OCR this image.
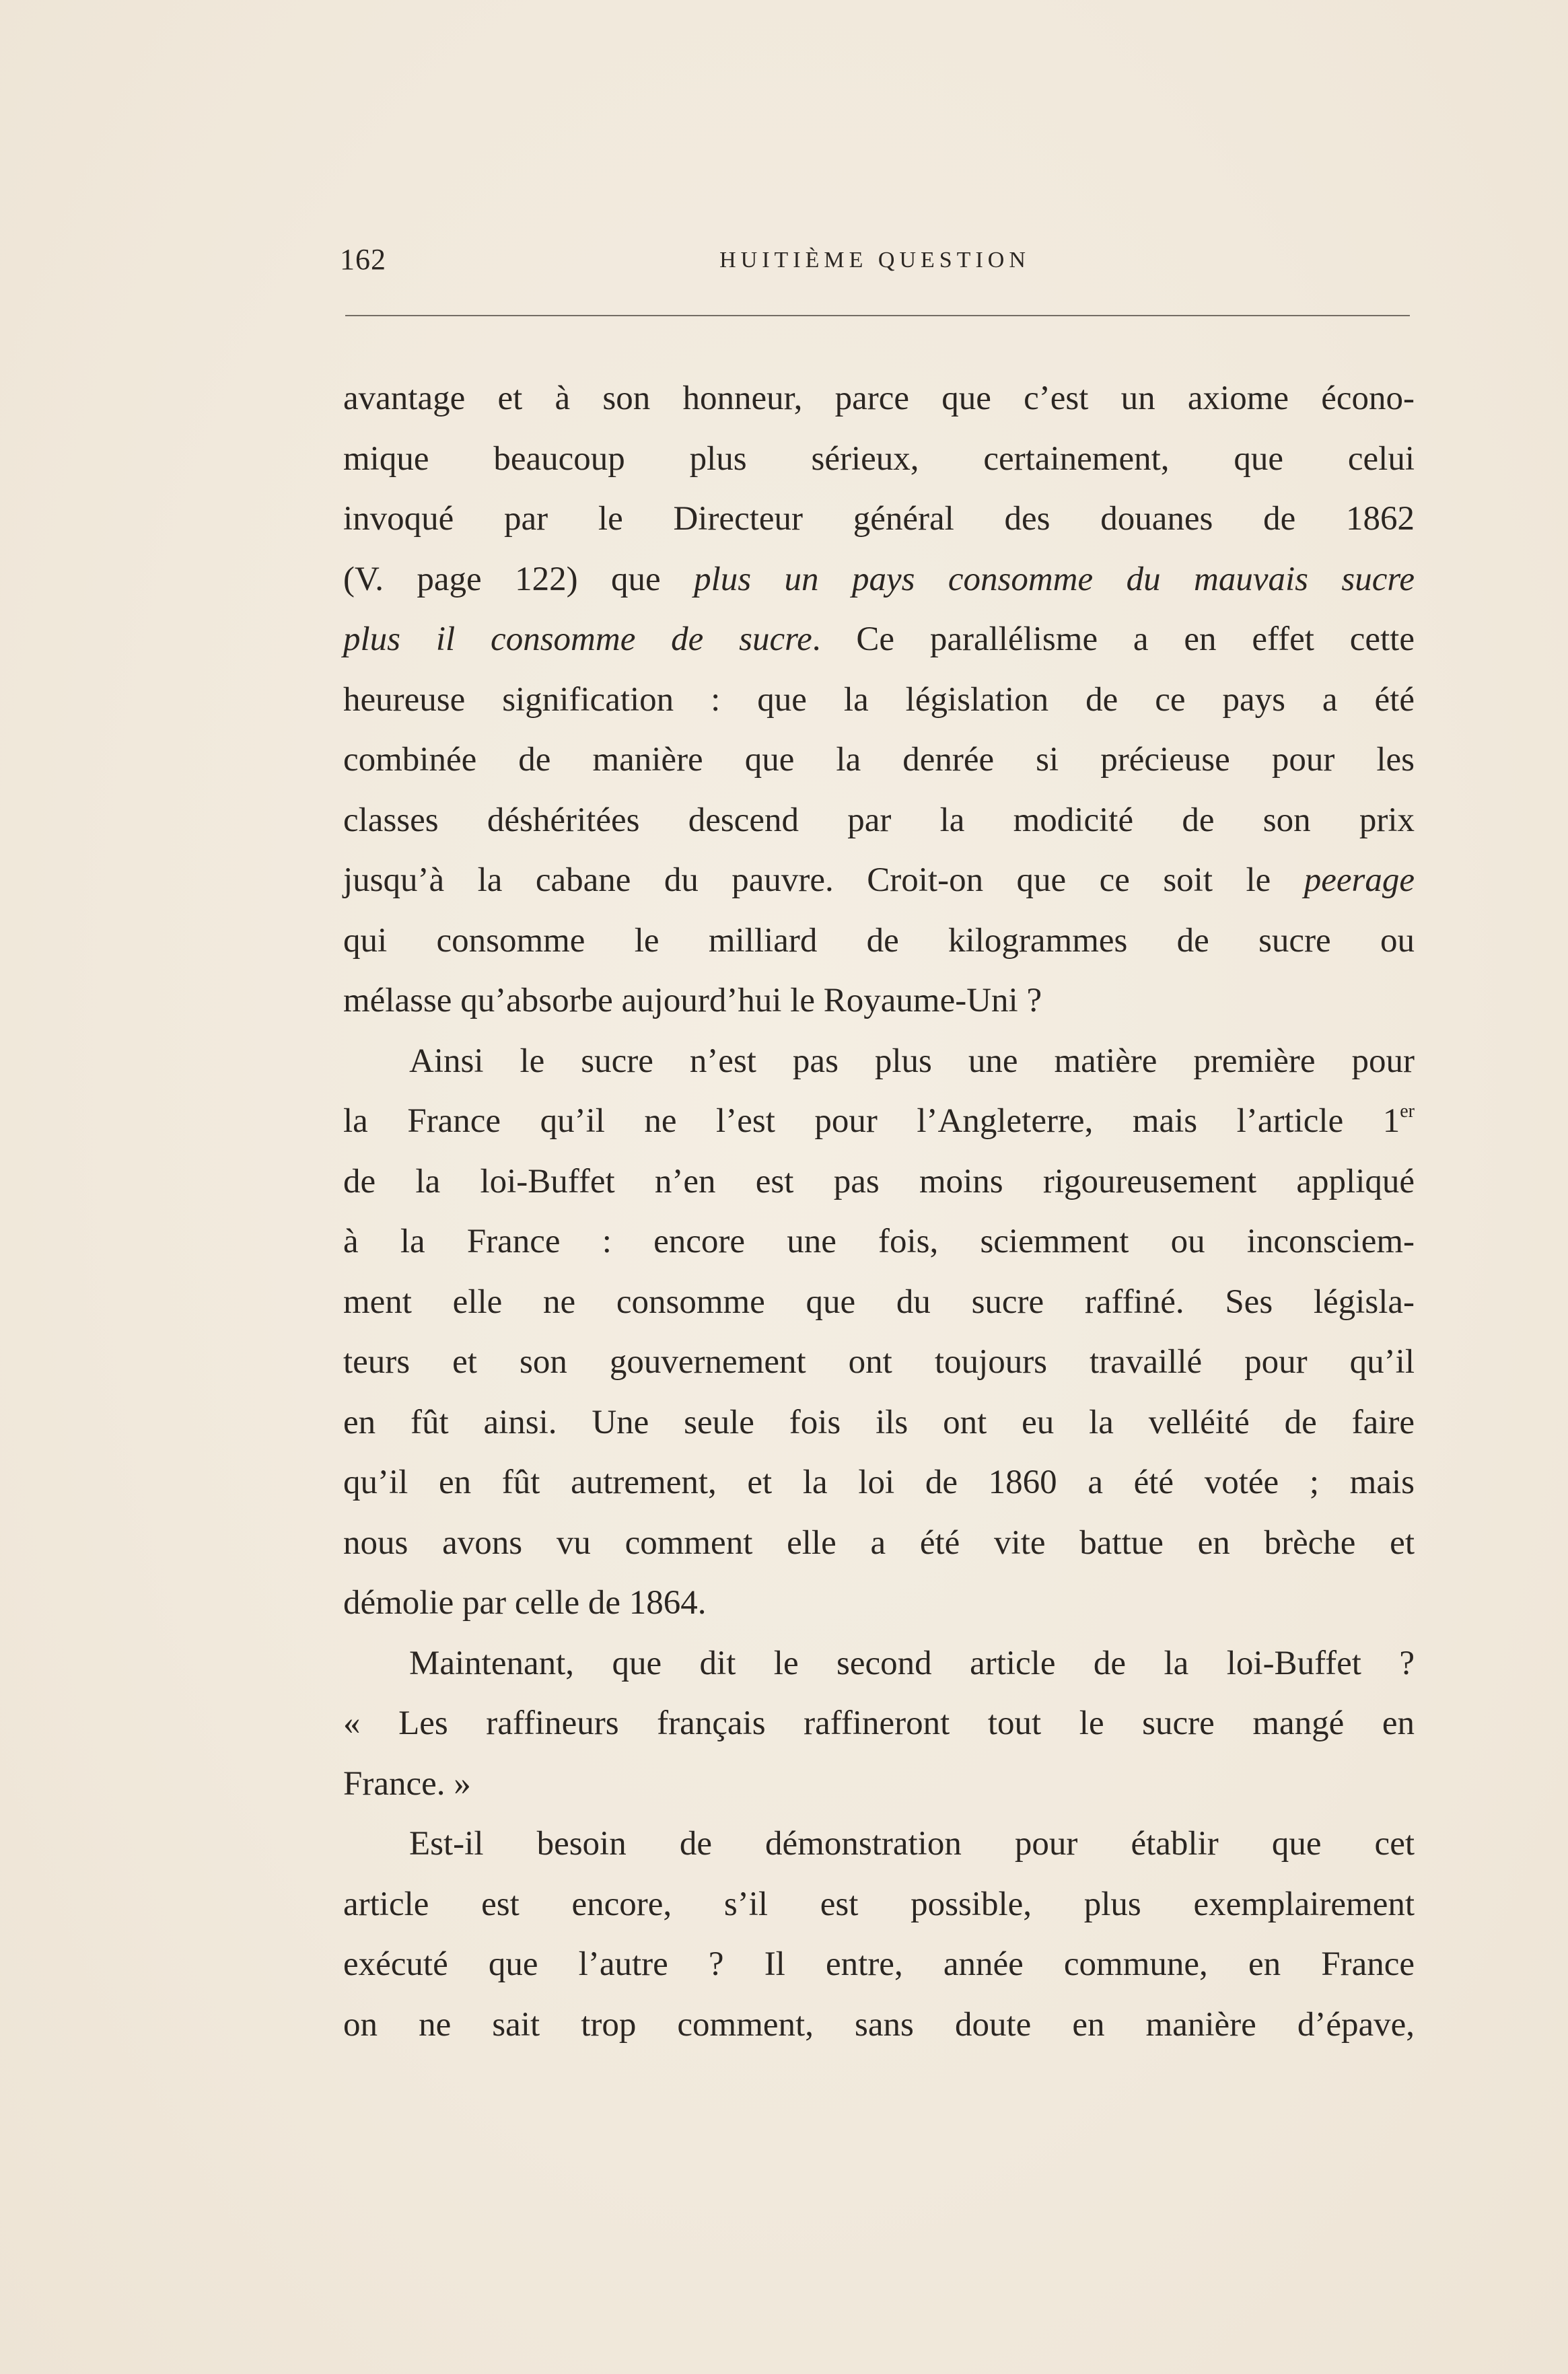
162	HUITIÈME QUESTION
avantage et à son honneur, parce que c’est un axiome écono-
mique beaucoup plus sérieux, certainement, que celui
invoqué par le Directeur général des douanes de 1862
(V. page 122) que plus un pays consomme du mauvais sucre
plus il consomme de sucre. Ce parallélisme a en effet cette
heureuse signification : que la législation de ce pays a été
combinée de manière que la denrée si précieuse pour les
classes déshéritées descend par la modicité de son prix
jusqu’à la cabane du pauvre. Croit-on que ce soit le peerage
qui consomme le milliard de kilogrammes de sucre ou
mélasse qu’absorbe aujourd’hui le Royaume-Uni ?
Ainsi le sucre n’est pas plus une matière première pour
la France qu’il ne l’est pour l’Angleterre, mais l’article 1er
de la loi-Buffet n’en est pas moins rigoureusement appliqué
à la France : encore une fois, sciemment ou inconsciem-
ment elle ne consomme que du sucre raffiné. Ses législa-
teurs et son gouvernement ont toujours travaillé pour qu’il
en fût ainsi. Une seule fois ils ont eu la velléité de faire
qu’il en fût autrement, et la loi de 1860 a été votée ; mais
nous avons vu comment elle a été vite battue en brèche et
démolie par celle de 1864.
Maintenant, que dit le second article de la loi-Buffet ?
« Les raffineurs français raffineront tout le sucre mangé en
France. »
Est-il besoin de démonstration pour établir que cet
article est encore, s’il est possible, plus exemplairement
exécuté que l’autre ? Il entre, année commune, en France
on ne sait trop comment, sans doute en manière d’épave,
